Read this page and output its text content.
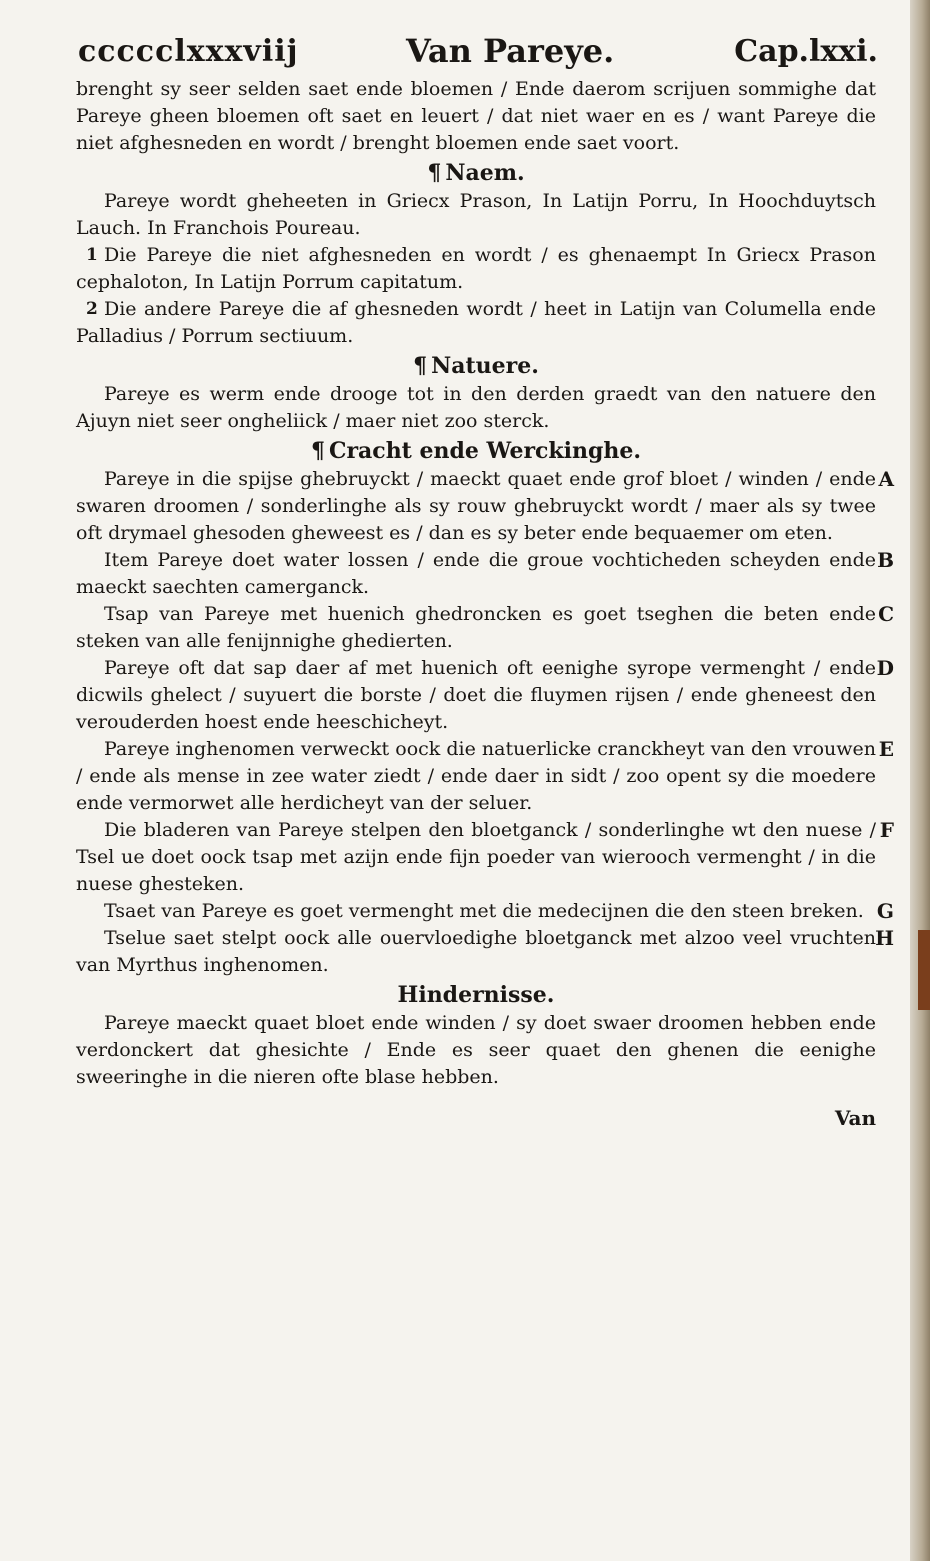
ccccclxxxviij	Van Pareye.	Cap.lxxi.

brenght sy seer selden saet ende bloemen / Ende daerom scrijuen sommighe dat Pareye gheen bloemen oft saet en leuert / dat niet waer en es / want Pareye die niet afghesneden en wordt / brenght bloemen ende saet voort.

¶ Naem.

Pareye wordt gheheeten in Griecx Prason, In Latijn Porru, In Hoochduytsch Lauch. In Franchois Poureau.

1 Die Pareye die niet afghesneden en wordt / es ghenaempt In Griecx Prason cephaloton, In Latijn Porrum capitatum.

2 Die andere Pareye die af ghesneden wordt / heet in Latijn van Columella ende Palladius / Porrum sectiuum.

¶ Natuere.

Pareye es werm ende drooge tot in den derden graedt van den natuere den Ajuyn niet seer ongheliick / maer niet zoo sterck.

¶ Cracht ende Werckinghe.

Pareye in die spijse ghebruyckt / maeckt quaet ende grof bloet / winden / ende swaren droomen / sonderlinghe als sy rouw ghebruyckt wordt / maer als sy twee oft drymael ghesoden gheweest es / dan es sy beter ende bequaemer om eten.
A

Item Pareye doet water lossen / ende die groue vochticheden scheyden ende maeckt saechten camerganck.
B

Tsap van Pareye met huenich ghedroncken es goet tseghen die beten ende steken van alle fenijnnighe ghedierten.
C

Pareye oft dat sap daer af met huenich oft eenighe syrope vermenght / ende dicwils ghelect / suyuert die borste / doet die fluymen rijsen / ende gheneest den verouderden hoest ende heeschicheyt.
D

Pareye inghenomen verweckt oock die natuerlicke cranckheyt van den vrouwen / ende als mense in zee water ziedt / ende daer in sidt / zoo opent sy die moedere ende vermorwet alle herdicheyt van der seluer.
E

Die bladeren van Pareye stelpen den bloetganck / sonderlinghe wt den nuese / Tsel ue doet oock tsap met azijn ende fijn poeder van wierooch vermenght / in die nuese ghesteken.
F

Tsaet van Pareye es goet vermenght met die medecijnen die den steen breken. G

Tselue saet stelpt oock alle ouervloedighe bloetganck met alzoo veel vruchten van Myrthus inghenomen.
H

Hindernisse.

Pareye maeckt quaet bloet ende winden / sy doet swaer droomen hebben ende verdonckert dat ghesichte / Ende es seer quaet den ghenen die eenighe sweeringhe in die nieren ofte blase hebben.

Van
